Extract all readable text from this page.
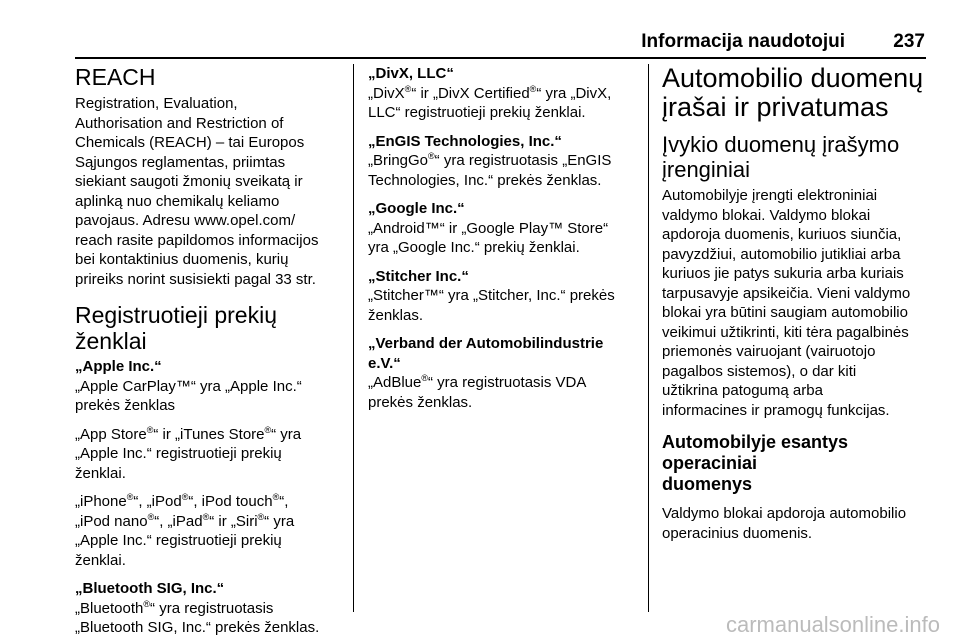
Informacija naudotojui	237
REACH
Registration, Evaluation,
Authorisation and Restriction of
Chemicals (REACH) – tai Europos
Sąjungos reglamentas, priimtas
siekiant saugoti žmonių sveikatą ir
aplinką nuo chemikalų keliamo
pavojaus. Adresu www.opel.com/
reach rasite papildomos informacijos
bei kontaktinius duomenis, kurių
prireiks norint susisiekti pagal 33 str.
Registruotieji prekių ženklai
„Apple Inc.“
„Apple CarPlay™“ yra „Apple Inc.“
prekės ženklas
„App Store®“ ir „iTunes Store®“ yra
„Apple Inc.“ registruotieji prekių
ženklai.
„iPhone®“, „iPod®“, iPod touch®“,
„iPod nano®“, „iPad®“ ir „Siri®“ yra
„Apple Inc.“ registruotieji prekių
ženklai.
„Bluetooth SIG, Inc.“
„Bluetooth®“ yra registruotasis
„Bluetooth SIG, Inc.“ prekės ženklas.
„DivX, LLC“
„DivX®“ ir „DivX Certified®“ yra „DivX,
LLC“ registruotieji prekių ženklai.
„EnGIS Technologies, Inc.“
„BringGo®“ yra registruotasis „EnGIS
Technologies, Inc.“ prekės ženklas.
„Google Inc.“
„Android™“ ir „Google Play™ Store“
yra „Google Inc.“ prekių ženklai.
„Stitcher Inc.“
„Stitcher™“ yra „Stitcher, Inc.“ prekės
ženklas.
„Verband der Automobilindustrie
e.V.“
„AdBlue®“ yra registruotasis VDA
prekės ženklas.
Automobilio duomenų
įrašai ir privatumas
Įvykio duomenų įrašymo
įrenginiai
Automobilyje įrengti elektroniniai
valdymo blokai. Valdymo blokai
apdoroja duomenis, kuriuos siunčia,
pavyzdžiui, automobilio jutikliai arba
kuriuos jie patys sukuria arba kuriais
tarpusavyje apsikeičia. Vieni valdymo
blokai yra būtini saugiam automobilio
veikimui užtikrinti, kiti tėra pagalbinės
priemonės vairuojant (vairuotojo
pagalbos sistemos), o dar kiti
užtikrina patogumą arba
informacines ir pramogų funkcijas.
Automobilyje esantys operaciniai
duomenys
Valdymo blokai apdoroja automobilio
operacinius duomenis.
carmanualsonline.info
